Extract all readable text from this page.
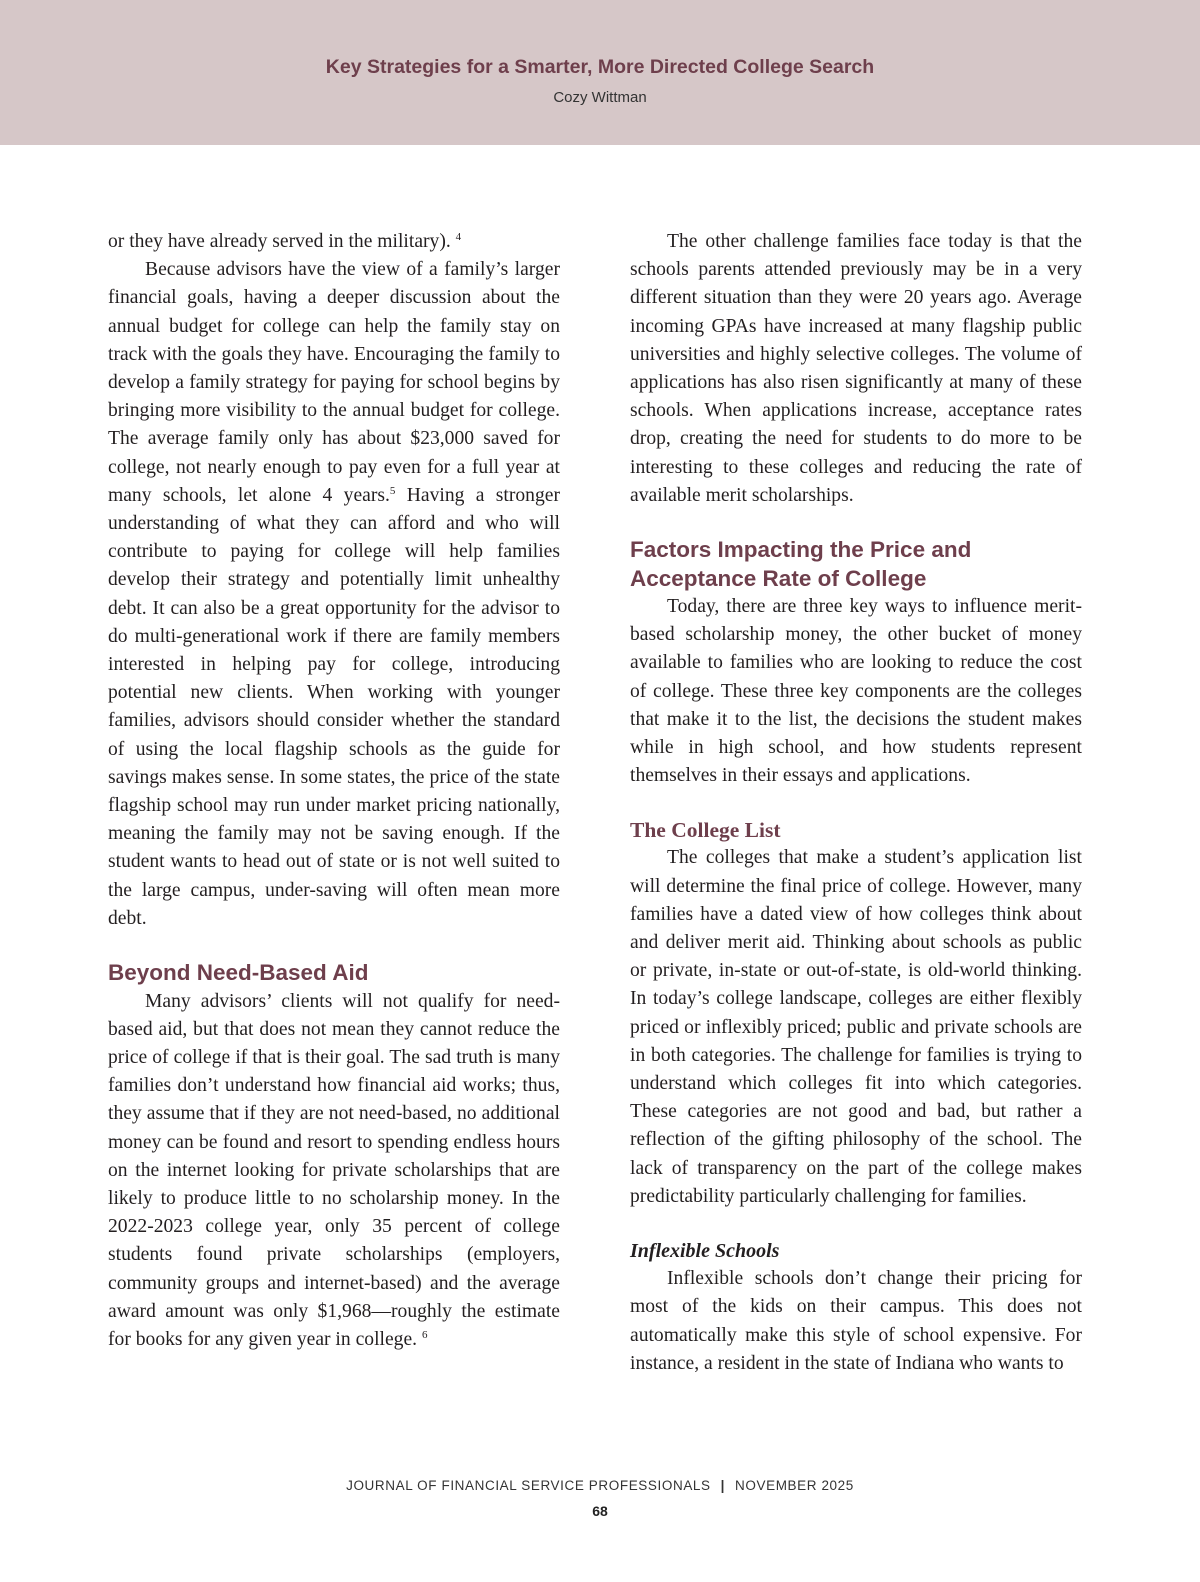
Key Strategies for a Smarter, More Directed College Search
Cozy Wittman

or they have already served in the military). $^4$

Because advisors have the view of a family’s larger financial goals, having a deeper discussion about the annual budget for college can help the family stay on track with the goals they have. Encouraging the family to develop a family strategy for paying for school begins by bringing more visibility to the annual budget for college. The average family only has about $23,000 saved for college, not nearly enough to pay even for a full year at many schools, let alone 4 years.$^5$ Having a stronger understanding of what they can afford and who will contribute to paying for college will help families develop their strategy and potentially limit unhealthy debt. It can also be a great opportunity for the advisor to do multi-generational work if there are family members interested in helping pay for college, introducing potential new clients. When working with younger families, advisors should consider whether the standard of using the local flagship schools as the guide for savings makes sense. In some states, the price of the state flagship school may run under market pricing nationally, meaning the family may not be saving enough. If the student wants to head out of state or is not well suited to the large campus, under-saving will often mean more debt.

Beyond Need-Based Aid

Many advisors’ clients will not qualify for need-based aid, but that does not mean they cannot reduce the price of college if that is their goal. The sad truth is many families don’t understand how financial aid works; thus, they assume that if they are not need-based, no additional money can be found and resort to spending endless hours on the internet looking for private scholarships that are likely to produce little to no scholarship money. In the 2022-2023 college year, only 35 percent of college students found private scholarships (employers, community groups and internet-based) and the average award amount was only $1,968—roughly the estimate for books for any given year in college. $^6$

The other challenge families face today is that the schools parents attended previously may be in a very different situation than they were 20 years ago. Average incoming GPAs have increased at many flagship public universities and highly selective colleges. The volume of applications has also risen significantly at many of these schools. When applications increase, acceptance rates drop, creating the need for students to do more to be interesting to these colleges and reducing the rate of available merit scholarships.

Factors Impacting the Price and Acceptance Rate of College

Today, there are three key ways to influence merit-based scholarship money, the other bucket of money available to families who are looking to reduce the cost of college. These three key components are the colleges that make it to the list, the decisions the student makes while in high school, and how students represent themselves in their essays and applications.

The College List

The colleges that make a student’s application list will determine the final price of college. However, many families have a dated view of how colleges think about and deliver merit aid. Thinking about schools as public or private, in-state or out-of-state, is old-world thinking. In today’s college landscape, colleges are either flexibly priced or inflexibly priced; public and private schools are in both categories. The challenge for families is trying to understand which colleges fit into which categories. These categories are not good and bad, but rather a reflection of the gifting philosophy of the school. The lack of transparency on the part of the college makes predictability particularly challenging for families.

Inflexible Schools

Inflexible schools don’t change their pricing for most of the kids on their campus. This does not automatically make this style of school expensive. For instance, a resident in the state of Indiana who wants to

JOURNAL OF FINANCIAL SERVICE PROFESSIONALS | NOVEMBER 2025
68
